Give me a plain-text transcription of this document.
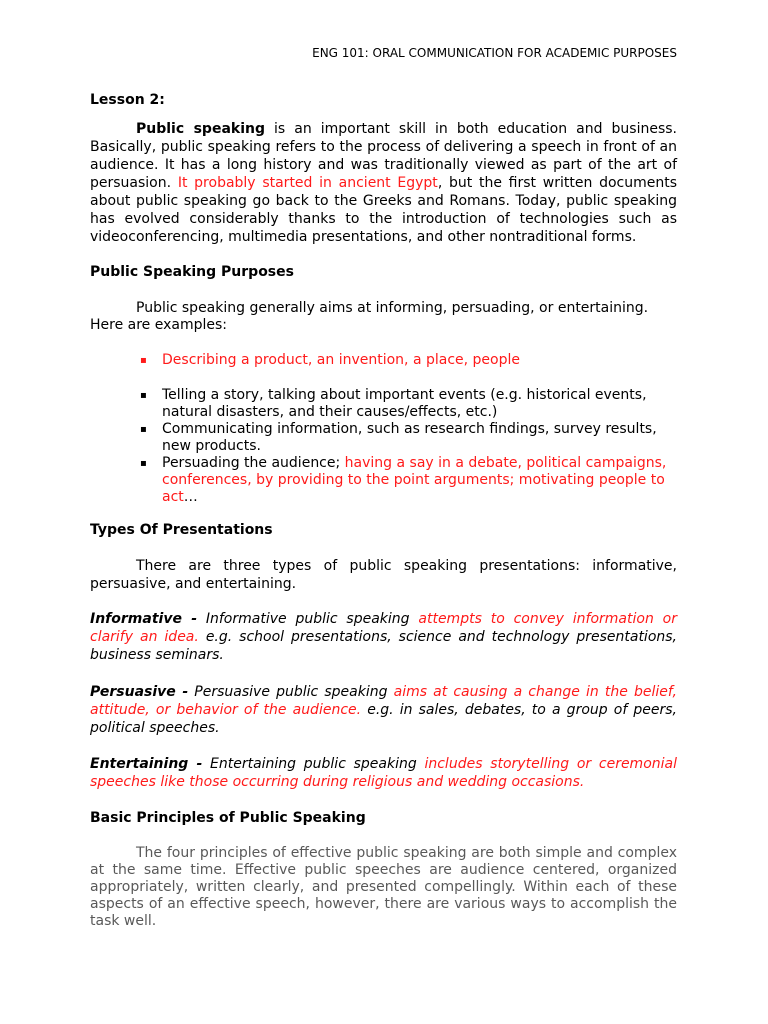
ENG 101: ORAL COMMUNICATION FOR ACADEMIC PURPOSES
Lesson 2:

Public speaking is an important skill in both education and business. Basically, public speaking refers to the process of delivering a speech in front of an audience. It has a long history and was traditionally viewed as part of the art of persuasion. It probably started in ancient Egypt, but the first written documents about public speaking go back to the Greeks and Romans. Today, public speaking has evolved considerably thanks to the introduction of technologies such as videoconferencing, multimedia presentations, and other nontraditional forms.

Public Speaking Purposes

Public speaking generally aims at informing, persuading, or entertaining. Here are examples:

▪ Describing a product, an invention, a place, people
▪ Telling a story, talking about important events (e.g. historical events, natural disasters, and their causes/effects, etc.)
▪ Communicating information, such as research findings, survey results, new products.
▪ Persuading the audience; having a say in a debate, political campaigns, conferences, by providing to the point arguments; motivating people to act…
Types Of Presentations

There are three types of public speaking presentations: informative, persuasive, and entertaining.

Informative - Informative public speaking attempts to convey information or clarify an idea. e.g. school presentations, science and technology presentations, business seminars.

Persuasive - Persuasive public speaking aims at causing a change in the belief, attitude, or behavior of the audience. e.g. in sales, debates, to a group of peers, political speeches.

Entertaining - Entertaining public speaking includes storytelling or ceremonial speeches like those occurring during religious and wedding occasions.

Basic Principles of Public Speaking

The four principles of effective public speaking are both simple and complex at the same time. Effective public speeches are audience centered, organized appropriately, written clearly, and presented compellingly. Within each of these aspects of an effective speech, however, there are various ways to accomplish the task well.
